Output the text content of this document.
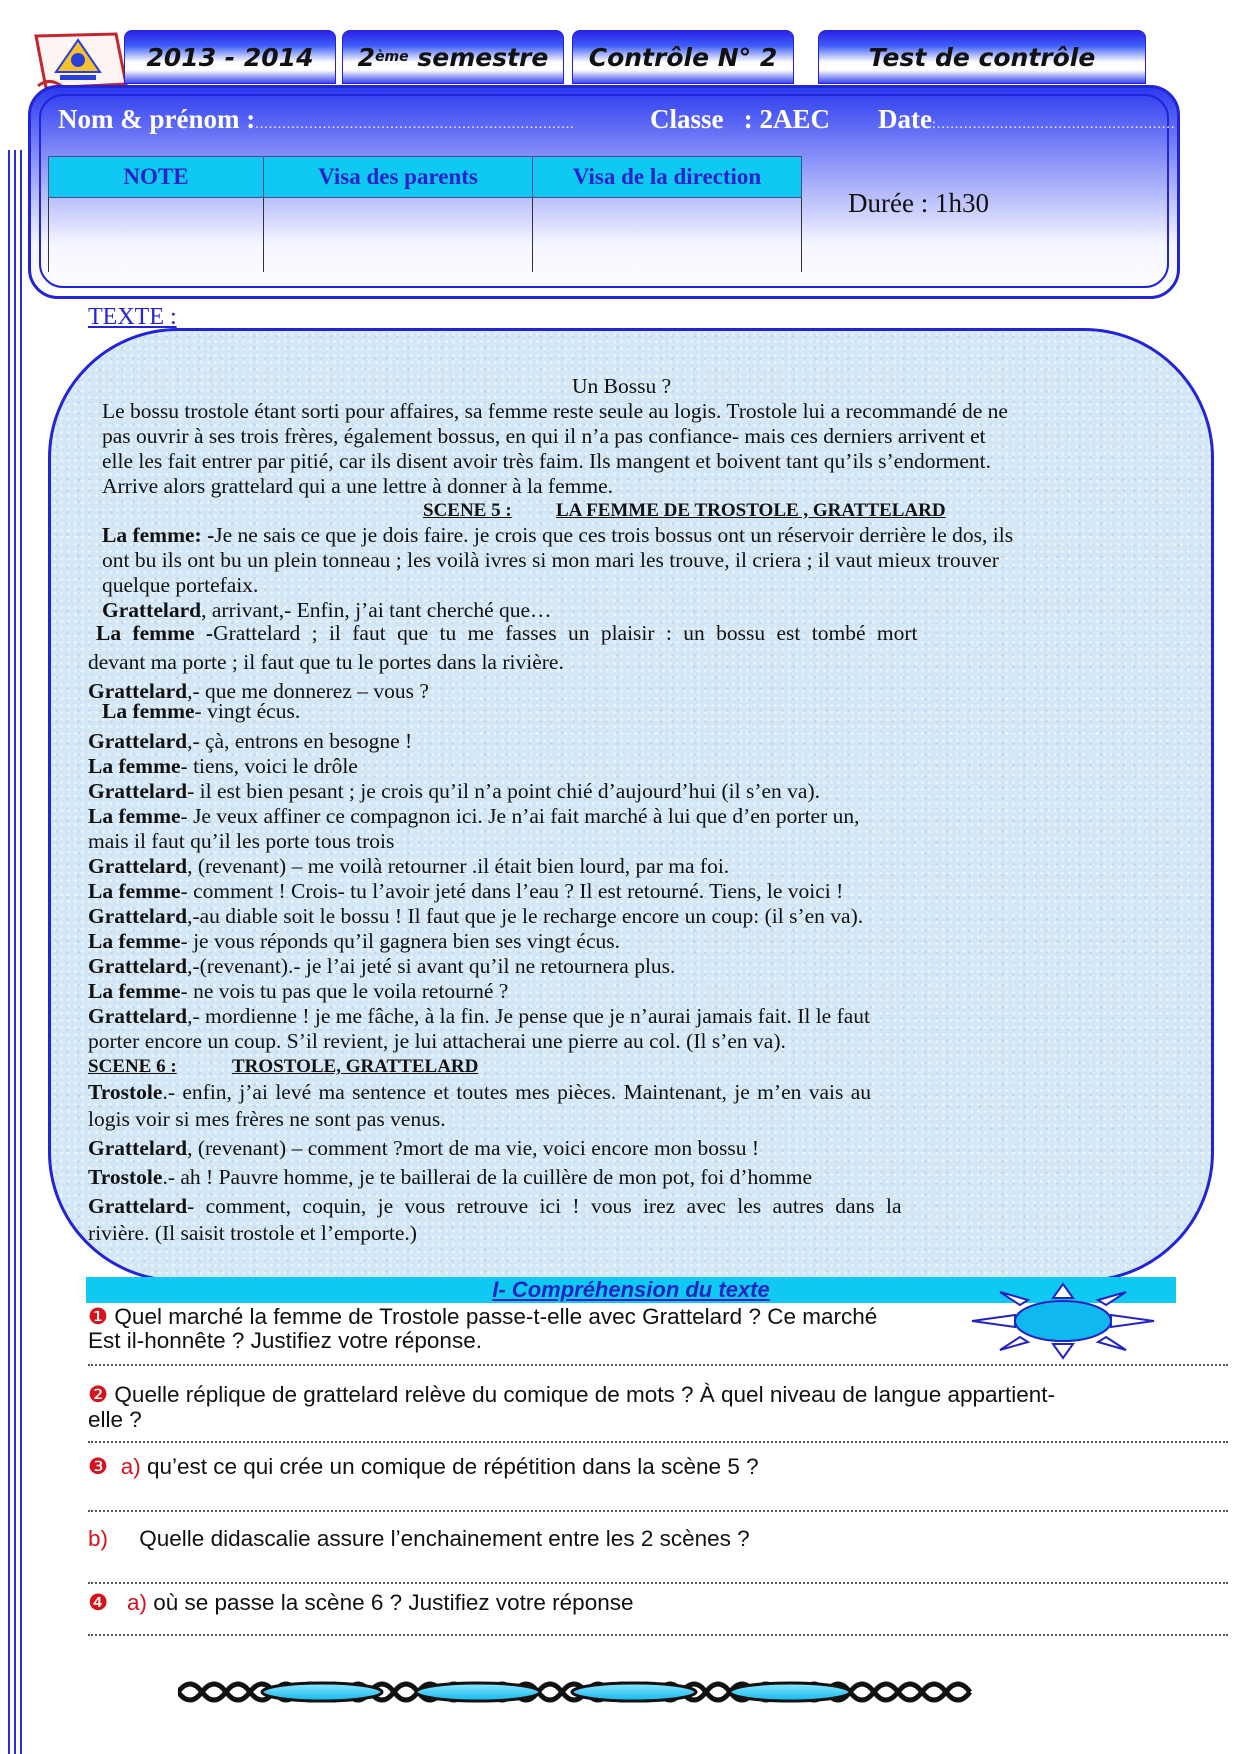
2013 - 2014 2 ème
semestre Contrôle N° 2	Test de contrôle
Nom & prénom :.......................................................................	Classe : 2AEC Date:.....................................................
NOTE	Visa des parents	Visa de la direction

Durée : 1h30
TEXTE :
Un Bossu ?
Le bossu trostole étant sorti pour affaires, sa femme reste seule au logis. Trostole lui a recommandé de ne
pas ouvrir à ses trois frères, également bossus, en qui il n’a pas confiance- mais ces derniers arrivent et
elle les fait entrer par pitié, car ils disent avoir très faim. Ils mangent et boivent tant qu’ils s’endorment.
Arrive alors grattelard qui a une lettre à donner à la femme.
SCENE 5 : LA FEMME DE TROSTOLE , GRATTELARD
La femme: -Je ne sais ce que je dois faire. je crois que ces trois bossus ont un réservoir derrière le dos, ils
ont bu ils ont bu un plein tonneau ; les voilà ivres si mon mari les trouve, il criera ; il vaut mieux trouver
quelque portefaix.
Grattelard, arrivant,- Enfin, j’ai tant cherché que…
La femme -Grattelard ; il faut que tu me fasses un plaisir : un bossu est tombé mort
devant ma porte ; il faut que tu le portes dans la rivière.
Grattelard,- que me donnerez – vous ?
La femme- vingt écus.
Grattelard,- çà, entrons en besogne !
La femme- tiens, voici le drôle
Grattelard- il est bien pesant ; je crois qu’il n’a point chié d’aujourd’hui (il s’en va).
La femme- Je veux affiner ce compagnon ici. Je n’ai fait marché à lui que d’en porter un,
mais il faut qu’il les porte tous trois
Grattelard, (revenant) – me voilà retourner .il était bien lourd, par ma foi.
La femme- comment ! Crois- tu l’avoir jeté dans l’eau ? Il est retourné. Tiens, le voici !
Grattelard,-au diable soit le bossu ! Il faut que je le recharge encore un coup: (il s’en va).
La femme- je vous réponds qu’il gagnera bien ses vingt écus.
Grattelard,-(revenant).- je l’ai jeté si avant qu’il ne retournera plus.
La femme- ne vois tu pas que le voila retourné ?
Grattelard,- mordienne ! je me fâche, à la fin. Je pense que je n’aurai jamais fait. Il le faut
porter encore un coup. S’il revient, je lui attacherai une pierre au col. (Il s’en va).
SCENE 6 :	TROSTOLE, GRATTELARD
Trostole.- enfin, j’ai levé ma sentence et toutes mes pièces. Maintenant, je m’en vais au
logis voir si mes frères ne sont pas venus.
Grattelard, (revenant) – comment ?mort de ma vie, voici encore mon bossu !
Trostole.- ah ! Pauvre homme, je te baillerai de la cuillère de mon pot, foi d’homme
Grattelard- comment, coquin, je vous retrouve ici ! vous irez avec les autres dans la
rivière. (Il saisit trostole et l’emporte.)
I- Compréhension du texte
❶ Quel marché la femme de Trostole passe-t-elle avec Grattelard ? Ce marché
Est il-honnête ? Justifiez votre réponse.
❷ Quelle réplique de grattelard relève du comique de mots ? À quel niveau de langue appartient-
elle ?
❸ a) qu’est ce qui crée un comique de répétition dans la scène 5 ?
b) Quelle didascalie assure l’enchainement entre les 2 scènes ?
❹ a) où se passe la scène 6 ? Justifiez votre réponse
